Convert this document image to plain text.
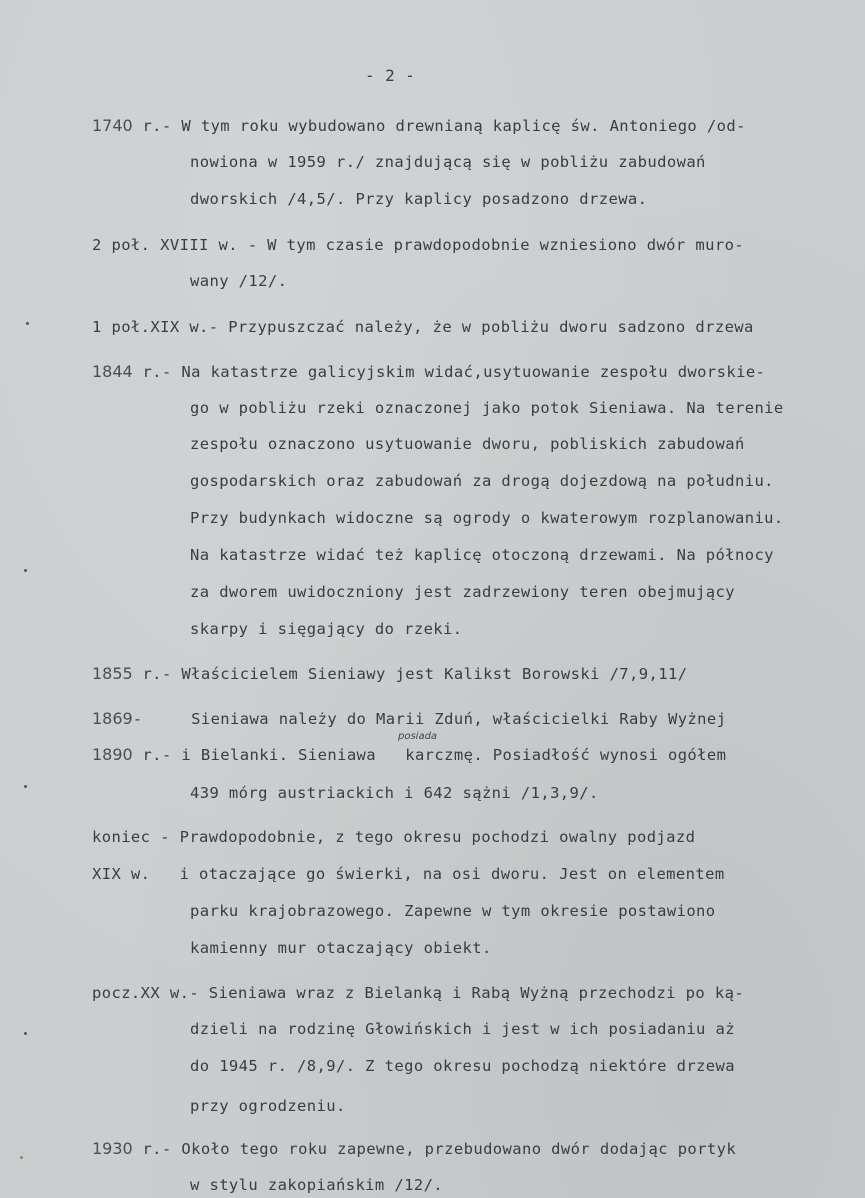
- 2 -
1740 r.- W tym roku wybudowano drewnianą kaplicę św. Antoniego /od-
nowiona w 1959 r./ znajdującą się w pobliżu zabudowań
dworskich /4,5/. Przy kaplicy posadzono drzewa.
2 poł. XVIII w. - W tym czasie prawdopodobnie wzniesiono dwór muro-
wany /12/.
1 poł.XIX w.- Przypuszczać należy, że w pobliżu dworu sadzono drzewa
1844 r.- Na katastrze galicyjskim widać,usytuowanie zespołu dworskie-
go w pobliżu rzeki oznaczonej jako potok Sieniawa. Na terenie
zespołu oznaczono usytuowanie dworu, pobliskich zabudowań
gospodarskich oraz zabudowań za drogą dojezdową na południu.
Przy budynkach widoczne są ogrody o kwaterowym rozplanowaniu.
Na katastrze widać też kaplicę otoczoną drzewami. Na północy
za dworem uwidoczniony jest zadrzewiony teren obejmujący
skarpy i sięgający do rzeki.
1855 r.- Właścicielem Sieniawy jest Kalikst Borowski /7,9,11/
1869-     Sieniawa należy do Marii Zduń, właścicielki Raby Wyżnej
posiada
1890 r.- i Bielanki. Sieniawa   karczmę. Posiadłość wynosi ogółem
439 mórg austriackich i 642 sążni /1,3,9/.
koniec - Prawdopodobnie, z tego okresu pochodzi owalny podjazd
XIX w.   i otaczające go świerki, na osi dworu. Jest on elementem
parku krajobrazowego. Zapewne w tym okresie postawiono
kamienny mur otaczający obiekt.
pocz.XX w.- Sieniawa wraz z Bielanką i Rabą Wyżną przechodzi po ką-
dzieli na rodzinę Głowińskich i jest w ich posiadaniu aż
do 1945 r. /8,9/. Z tego okresu pochodzą niektóre drzewa
przy ogrodzeniu.
1930 r.- Około tego roku zapewne, przebudowano dwór dodając portyk
w stylu zakopiańskim /12/.
